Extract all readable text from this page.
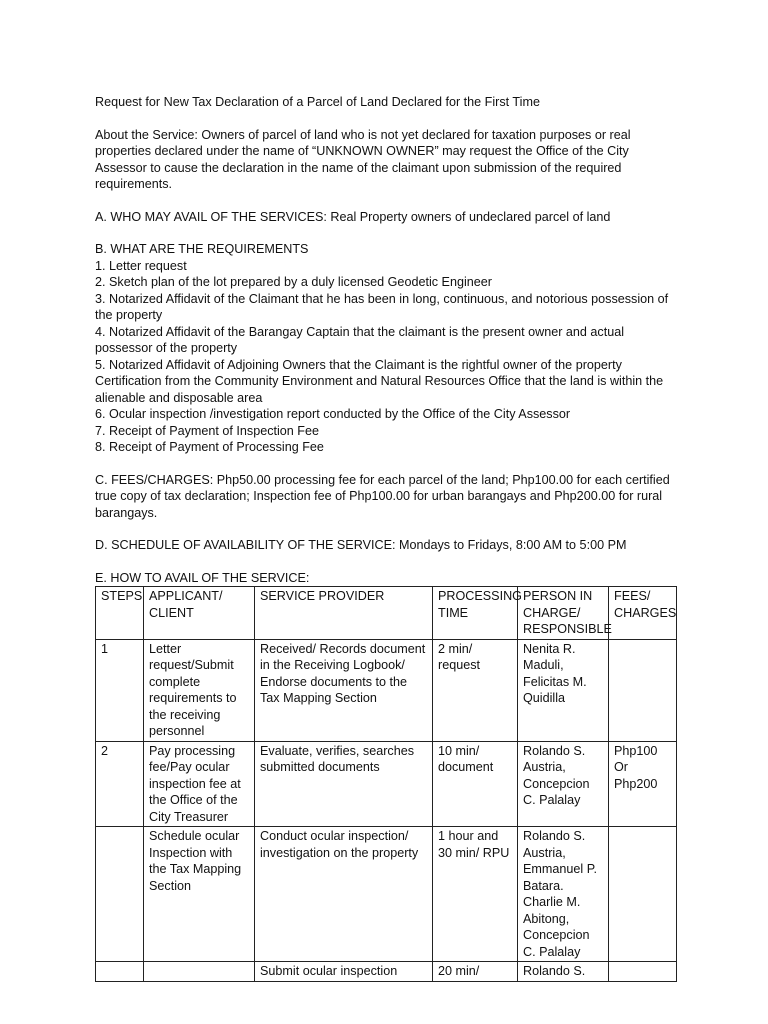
Request for New Tax Declaration of a Parcel of Land Declared for the First Time

About the Service: Owners of parcel of land who is not yet declared for taxation purposes or real properties declared under the name of “UNKNOWN OWNER” may request the Office of the City Assessor to cause the declaration in the name of the claimant upon submission of the required requirements.

A. WHO MAY AVAIL OF THE SERVICES: Real Property owners of undeclared parcel of land

B. WHAT ARE THE REQUIREMENTS

1. Letter request

2. Sketch plan of the lot prepared by a duly licensed Geodetic Engineer

3. Notarized Affidavit of the Claimant that he has been in long, continuous, and notorious possession of the property

4. Notarized Affidavit of the Barangay Captain that the claimant is the present owner and actual possessor of the property

5. Notarized Affidavit of Adjoining Owners that the Claimant is the rightful owner of the property Certification from the Community Environment and Natural Resources Office that the land is within the alienable and disposable area

6. Ocular inspection /investigation report conducted by the Office of the City Assessor

7. Receipt of Payment of Inspection Fee

8. Receipt of Payment of Processing Fee

C. FEES/CHARGES: Php50.00 processing fee for each parcel of the land; Php100.00 for each certified true copy of tax declaration; Inspection fee of Php100.00 for urban barangays and Php200.00 for rural barangays.

D. SCHEDULE OF AVAILABILITY OF THE SERVICE: Mondays to Fridays, 8:00 AM to 5:00 PM

E. HOW TO AVAIL OF THE SERVICE:

STEPS	APPLICANT/ CLIENT	SERVICE PROVIDER	PROCESSING TIME	PERSON IN CHARGE/ RESPONSIBLE	FEES/ CHARGES
1	Letter request/Submit complete requirements to the receiving personnel	Received/ Records document in the Receiving Logbook/ Endorse documents to the Tax Mapping Section	2 min/ request	Nenita R. Maduli, Felicitas M. Quidilla	
2	Pay processing fee/Pay ocular inspection fee at the Office of the City Treasurer	Evaluate, verifies, searches submitted documents	10 min/ document	Rolando S. Austria, Concepcion C. Palalay	Php100 Or Php200
	Schedule ocular Inspection with the Tax Mapping Section	Conduct ocular inspection/ investigation on the property	1 hour and 30 min/ RPU	Rolando S. Austria, Emmanuel P. Batara. Charlie M. Abitong, Concepcion C. Palalay	
		Submit ocular inspection	20 min/	Rolando S.	
